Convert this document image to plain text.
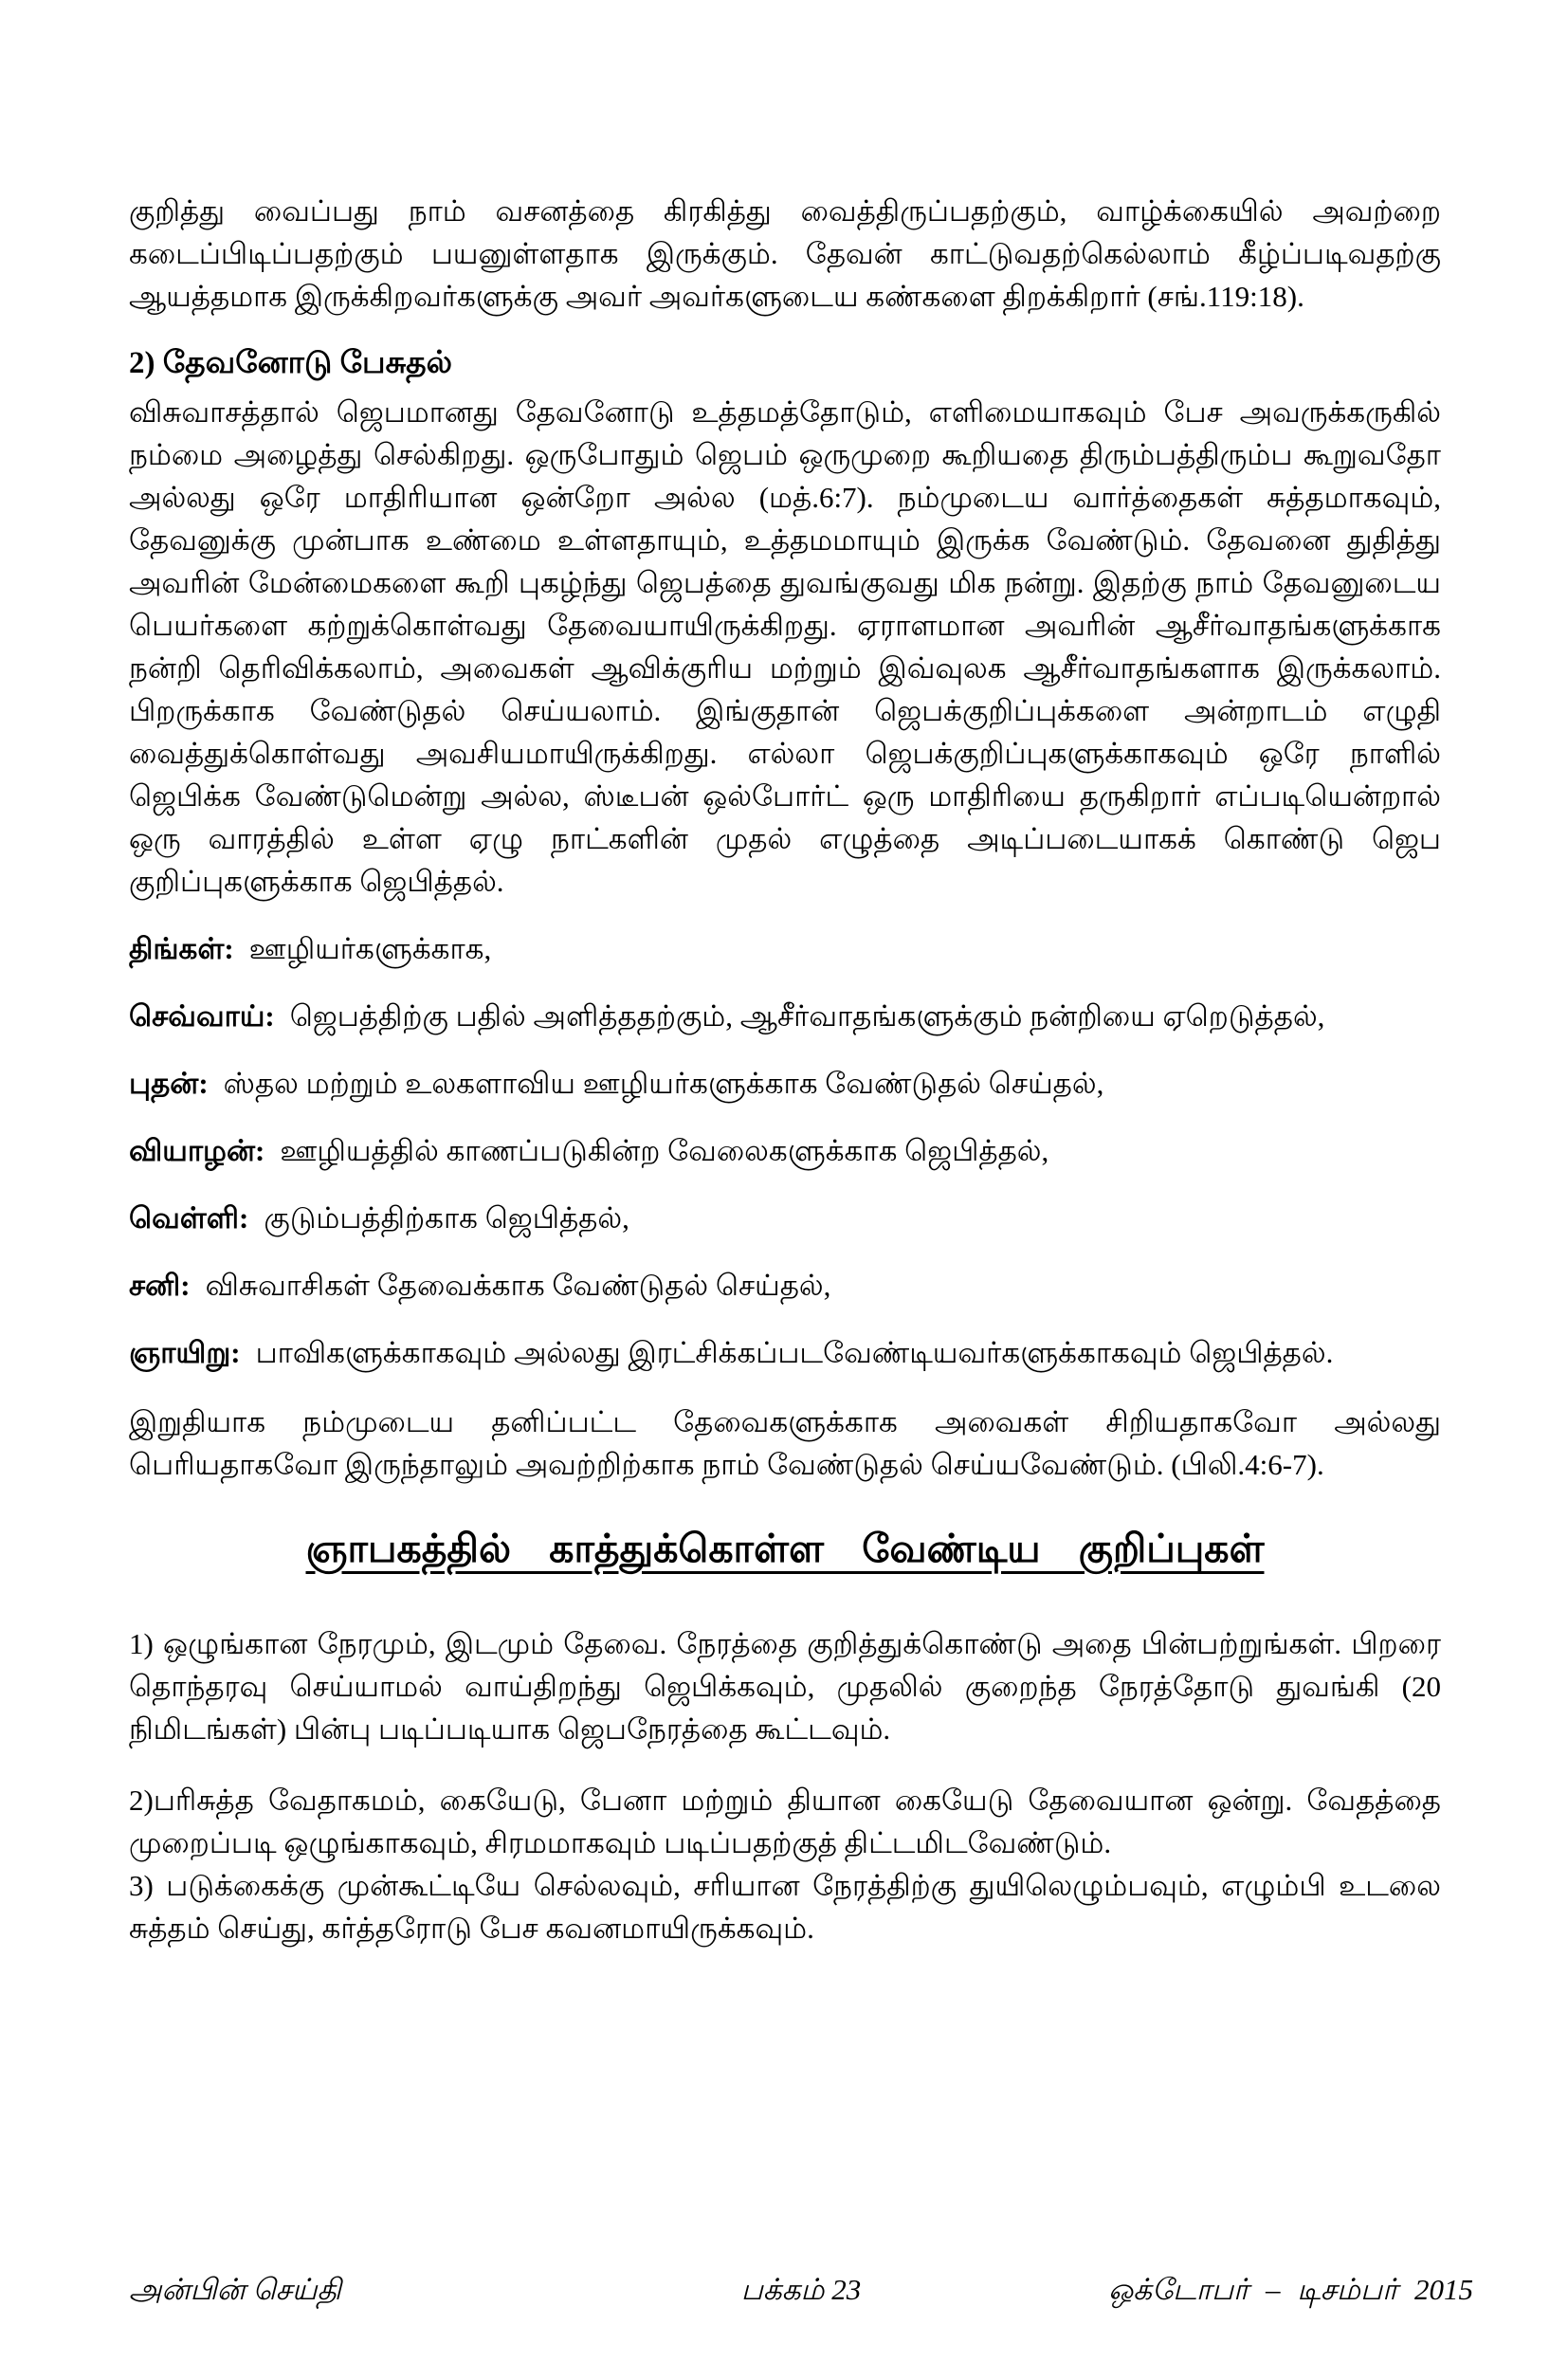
குறித்து வைப்பது நாம் வசனத்தை கிரகித்து வைத்திருப்பதற்கும், வாழ்க்கையில் அவற்றை கடைப்பிடிப்பதற்கும் பயனுள்ளதாக இருக்கும். தேவன் காட்டுவதற்கெல்லாம் கீழ்ப்படிவதற்கு ஆயத்தமாக இருக்கிறவர்களுக்கு அவர் அவர்களுடைய கண்களை திறக்கிறார் (சங்.119:18).

2) தேவனோடு பேசுதல்

விசுவாசத்தால் ஜெபமானது தேவனோடு உத்தமத்தோடும், எளிமையாகவும் பேச அவருக்கருகில் நம்மை அழைத்து செல்கிறது. ஒருபோதும் ஜெபம் ஒருமுறை கூறியதை திரும்பத்திரும்ப கூறுவதோ அல்லது ஒரே மாதிரியான ஒன்றோ அல்ல (மத்.6:7). நம்முடைய வார்த்தைகள் சுத்தமாகவும், தேவனுக்கு முன்பாக உண்மை உள்ளதாயும், உத்தமமாயும் இருக்க வேண்டும். தேவனை துதித்து அவரின் மேன்மைகளை கூறி புகழ்ந்து ஜெபத்தை துவங்குவது மிக நன்று. இதற்கு நாம் தேவனுடைய பெயர்களை கற்றுக்கொள்வது தேவையாயிருக்கிறது. ஏராளமான அவரின் ஆசீர்வாதங்களுக்காக நன்றி தெரிவிக்கலாம், அவைகள் ஆவிக்குரிய மற்றும் இவ்வுலக ஆசீர்வாதங்களாக இருக்கலாம். பிறருக்காக வேண்டுதல் செய்யலாம். இங்குதான் ஜெபக்குறிப்புக்களை அன்றாடம் எழுதி வைத்துக்கொள்வது அவசியமாயிருக்கிறது. எல்லா ஜெபக்குறிப்புகளுக்காகவும் ஒரே நாளில் ஜெபிக்க வேண்டுமென்று அல்ல, ஸ்டீபன் ஒல்போர்ட் ஒரு மாதிரியை தருகிறார் எப்படியென்றால் ஒரு வாரத்தில் உள்ள ஏழு நாட்களின் முதல் எழுத்தை அடிப்படையாகக் கொண்டு ஜெப குறிப்புகளுக்காக ஜெபித்தல்.

திங்கள்: ஊழியர்களுக்காக,

செவ்வாய்: ஜெபத்திற்கு பதில் அளித்ததற்கும், ஆசீர்வாதங்களுக்கும் நன்றியை ஏறெடுத்தல்,

புதன்: ஸ்தல மற்றும் உலகளாவிய ஊழியர்களுக்காக வேண்டுதல் செய்தல்,

வியாழன்: ஊழியத்தில் காணப்படுகின்ற வேலைகளுக்காக ஜெபித்தல்,

வெள்ளி: குடும்பத்திற்காக ஜெபித்தல்,

சனி: விசுவாசிகள் தேவைக்காக வேண்டுதல் செய்தல்,

ஞாயிறு: பாவிகளுக்காகவும் அல்லது இரட்சிக்கப்படவேண்டியவர்களுக்காகவும் ஜெபித்தல்.

இறுதியாக நம்முடைய தனிப்பட்ட தேவைகளுக்காக அவைகள் சிறியதாகவோ அல்லது பெரியதாகவோ இருந்தாலும் அவற்றிற்காக நாம் வேண்டுதல் செய்யவேண்டும். (பிலி.4:6-7).

ஞாபகத்தில் காத்துக்கொள்ள வேண்டிய குறிப்புகள்

1) ஒழுங்கான நேரமும், இடமும் தேவை. நேரத்தை குறித்துக்கொண்டு அதை பின்பற்றுங்கள். பிறரை தொந்தரவு செய்யாமல் வாய்திறந்து ஜெபிக்கவும், முதலில் குறைந்த நேரத்தோடு துவங்கி (20 நிமிடங்கள்) பின்பு படிப்படியாக ஜெபநேரத்தை கூட்டவும்.

2)பரிசுத்த வேதாகமம், கையேடு, பேனா மற்றும் தியான கையேடு தேவையான ஒன்று. வேதத்தை முறைப்படி ஒழுங்காகவும், சிரமமாகவும் படிப்பதற்குத் திட்டமிடவேண்டும்.

3) படுக்கைக்கு முன்கூட்டியே செல்லவும், சரியான நேரத்திற்கு துயிலெழும்பவும், எழும்பி உடலை சுத்தம் செய்து, கர்த்தரோடு பேச கவனமாயிருக்கவும்.

அன்பின் செய்தி	பக்கம் 23	ஒக்டோபர் – டிசம்பர் 2015
